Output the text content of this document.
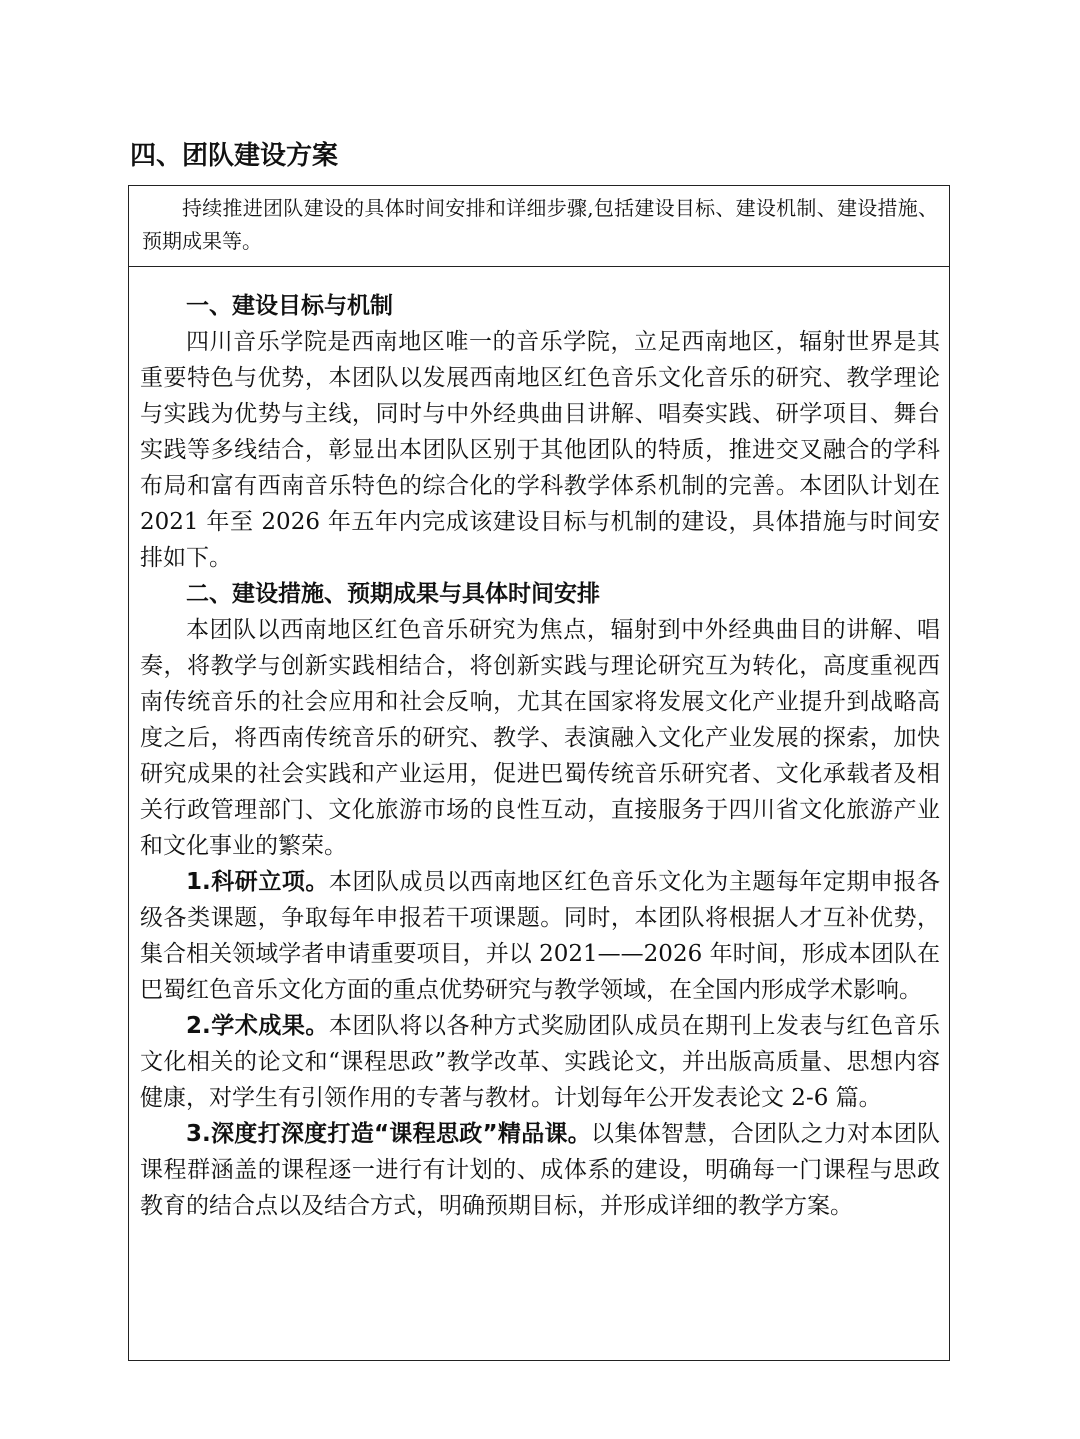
四、团队建设方案

持续推进团队建设的具体时间安排和详细步骤,包括建设目标、建设机制、建设措施、预期成果等。

一、建设目标与机制

四川音乐学院是西南地区唯一的音乐学院，立足西南地区，辐射世界是其重要特色与优势，本团队以发展西南地区红色音乐文化音乐的研究、教学理论与实践为优势与主线，同时与中外经典曲目讲解、唱奏实践、研学项目、舞台实践等多线结合，彰显出本团队区别于其他团队的特质，推进交叉融合的学科布局和富有西南音乐特色的综合化的学科教学体系机制的完善。本团队计划在 2021 年至 2026 年五年内完成该建设目标与机制的建设，具体措施与时间安排如下。

二、建设措施、预期成果与具体时间安排

本团队以西南地区红色音乐研究为焦点，辐射到中外经典曲目的讲解、唱奏，将教学与创新实践相结合，将创新实践与理论研究互为转化，高度重视西南传统音乐的社会应用和社会反响，尤其在国家将发展文化产业提升到战略高度之后，将西南传统音乐的研究、教学、表演融入文化产业发展的探索，加快研究成果的社会实践和产业运用，促进巴蜀传统音乐研究者、文化承载者及相关行政管理部门、文化旅游市场的良性互动，直接服务于四川省文化旅游产业和文化事业的繁荣。

1.科研立项。本团队成员以西南地区红色音乐文化为主题每年定期申报各级各类课题，争取每年申报若干项课题。同时，本团队将根据人才互补优势，集合相关领域学者申请重要项目，并以 2021——2026 年时间，形成本团队在巴蜀红色音乐文化方面的重点优势研究与教学领域，在全国内形成学术影响。

2.学术成果。本团队将以各种方式奖励团队成员在期刊上发表与红色音乐文化相关的论文和“课程思政”教学改革、实践论文，并出版高质量、思想内容健康，对学生有引领作用的专著与教材。计划每年公开发表论文 2-6 篇。

3.深度打深度打造“课程思政”精品课。以集体智慧，合团队之力对本团队课程群涵盖的课程逐一进行有计划的、成体系的建设，明确每一门课程与思政教育的结合点以及结合方式，明确预期目标，并形成详细的教学方案。
